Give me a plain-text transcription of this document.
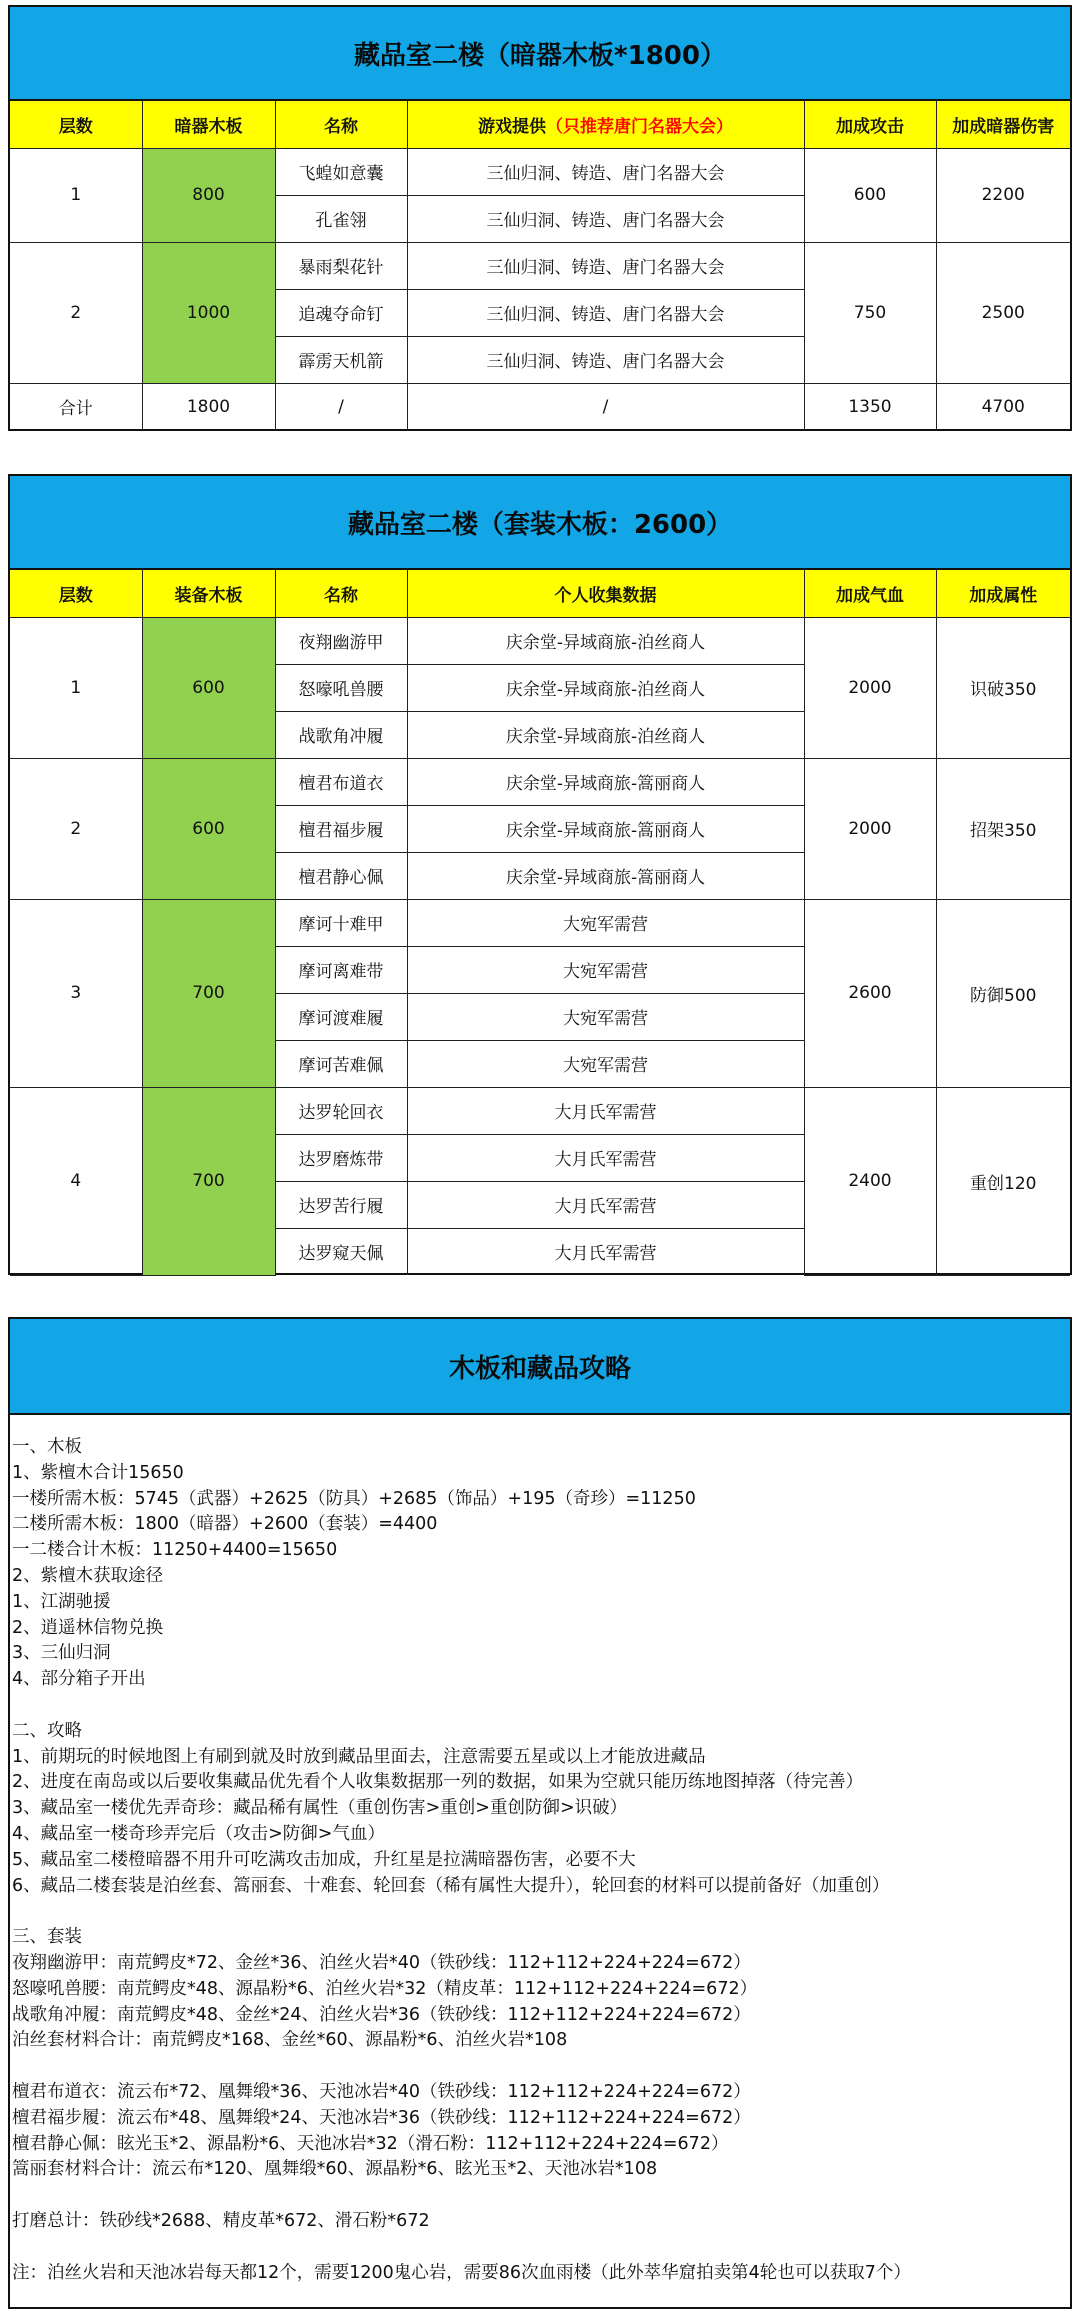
藏品室二楼（暗器木板*1800）
层数	暗器木板	名称	游戏提供（只推荐唐门名器大会）	加成攻击	加成暗器伤害
1	800	飞蝗如意囊	三仙归洞、铸造、唐门名器大会	600	2200
		孔雀翎	三仙归洞、铸造、唐门名器大会		
2	1000	暴雨梨花针	三仙归洞、铸造、唐门名器大会	750	2500
		追魂夺命钉	三仙归洞、铸造、唐门名器大会		
		霹雳天机箭	三仙归洞、铸造、唐门名器大会		
合计	1800	/	/	1350	4700
藏品室二楼（套装木板：2600）
层数	装备木板	名称	个人收集数据	加成气血	加成属性
1	600	夜翔幽游甲	庆余堂-异域商旅-泊丝商人	2000	识破350
		怒嚎吼兽腰	庆余堂-异域商旅-泊丝商人		
		战歌角冲履	庆余堂-异域商旅-泊丝商人		
2	600	檀君布道衣	庆余堂-异域商旅-篙丽商人	2000	招架350
		檀君福步履	庆余堂-异域商旅-篙丽商人		
		檀君静心佩	庆余堂-异域商旅-篙丽商人		
3	700	摩诃十难甲	大宛军需营	2600	防御500
		摩诃离难带	大宛军需营		
		摩诃渡难履	大宛军需营		
		摩诃苦难佩	大宛军需营		
4	700	达罗轮回衣	大月氏军需营	2400	重创120
		达罗磨炼带	大月氏军需营		
		达罗苦行履	大月氏军需营		
		达罗窥天佩	大月氏军需营		
木板和藏品攻略
一、木板
1、紫檀木合计15650
一楼所需木板：5745（武器）+2625（防具）+2685（饰品）+195（奇珍）=11250
二楼所需木板：1800（暗器）+2600（套装）=4400
一二楼合计木板：11250+4400=15650
2、紫檀木获取途径
1、江湖驰援
2、逍遥林信物兑换
3、三仙归洞
4、部分箱子开出
二、攻略
1、前期玩的时候地图上有刷到就及时放到藏品里面去，注意需要五星或以上才能放进藏品
2、进度在南岛或以后要收集藏品优先看个人收集数据那一列的数据，如果为空就只能历练地图掉落（待完善）
3、藏品室一楼优先弄奇珍：藏品稀有属性（重创伤害>重创>重创防御>识破）
4、藏品室一楼奇珍弄完后（攻击>防御>气血）
5、藏品室二楼橙暗器不用升可吃满攻击加成，升红星是拉满暗器伤害，必要不大
6、藏品二楼套装是泊丝套、篙丽套、十难套、轮回套（稀有属性大提升），轮回套的材料可以提前备好（加重创）
三、套装
夜翔幽游甲：南荒鳄皮*72、金丝*36、泊丝火岩*40（铁砂线：112+112+224+224=672）
怒嚎吼兽腰：南荒鳄皮*48、源晶粉*6、泊丝火岩*32（精皮革：112+112+224+224=672）
战歌角冲履：南荒鳄皮*48、金丝*24、泊丝火岩*36（铁砂线：112+112+224+224=672）
泊丝套材料合计：南荒鳄皮*168、金丝*60、源晶粉*6、泊丝火岩*108
檀君布道衣：流云布*72、凰舞缎*36、天池冰岩*40（铁砂线：112+112+224+224=672）
檀君福步履：流云布*48、凰舞缎*24、天池冰岩*36（铁砂线：112+112+224+224=672）
檀君静心佩：眩光玉*2、源晶粉*6、天池冰岩*32（滑石粉：112+112+224+224=672）
篙丽套材料合计：流云布*120、凰舞缎*60、源晶粉*6、眩光玉*2、天池冰岩*108
打磨总计：铁砂线*2688、精皮革*672、滑石粉*672
注：泊丝火岩和天池冰岩每天都12个，需要1200鬼心岩，需要86次血雨楼（此外萃华窟拍卖第4轮也可以获取7个）
